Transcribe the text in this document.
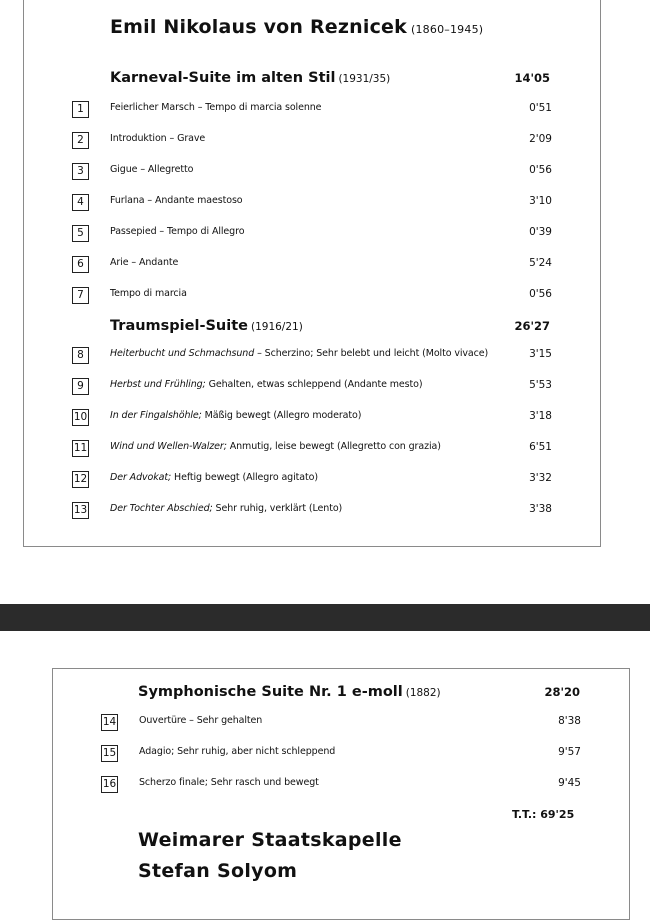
Emil Nikolaus von Reznicek (1860–1945)
Karneval-Suite im alten Stil (1931/35)	14'05
1	Feierlicher Marsch – Tempo di marcia solenne	0'51
2	Introduktion – Grave	2'09
3	Gigue – Allegretto	0'56
4	Furlana – Andante maestoso	3'10
5	Passepied – Tempo di Allegro	0'39
6	Arie – Andante	5'24
7	Tempo di marcia	0'56
Traumspiel-Suite (1916/21)	26'27
8	Heiterbucht und Schmachsund – Scherzino; Sehr belebt und leicht (Molto vivace)	3'15
9	Herbst und Frühling; Gehalten, etwas schleppend (Andante mesto)	5'53
10 In der Fingalshöhle; Mäßig bewegt (Allegro moderato)	3'18
11 Wind und Wellen-Walzer; Anmutig, leise bewegt (Allegretto con grazia)	6'51
12 Der Advokat; Heftig bewegt (Allegro agitato)	3'32
13 Der Tochter Abschied; Sehr ruhig, verklärt (Lento)	3'38
Symphonische Suite Nr. 1 e-moll (1882)	28'20
14 Ouvertüre – Sehr gehalten	8'38
15 Adagio; Sehr ruhig, aber nicht schleppend	9'57
16 Scherzo finale; Sehr rasch und bewegt	9'45
T.T.: 69'25
Weimarer Staatskapelle
Stefan Solyom
